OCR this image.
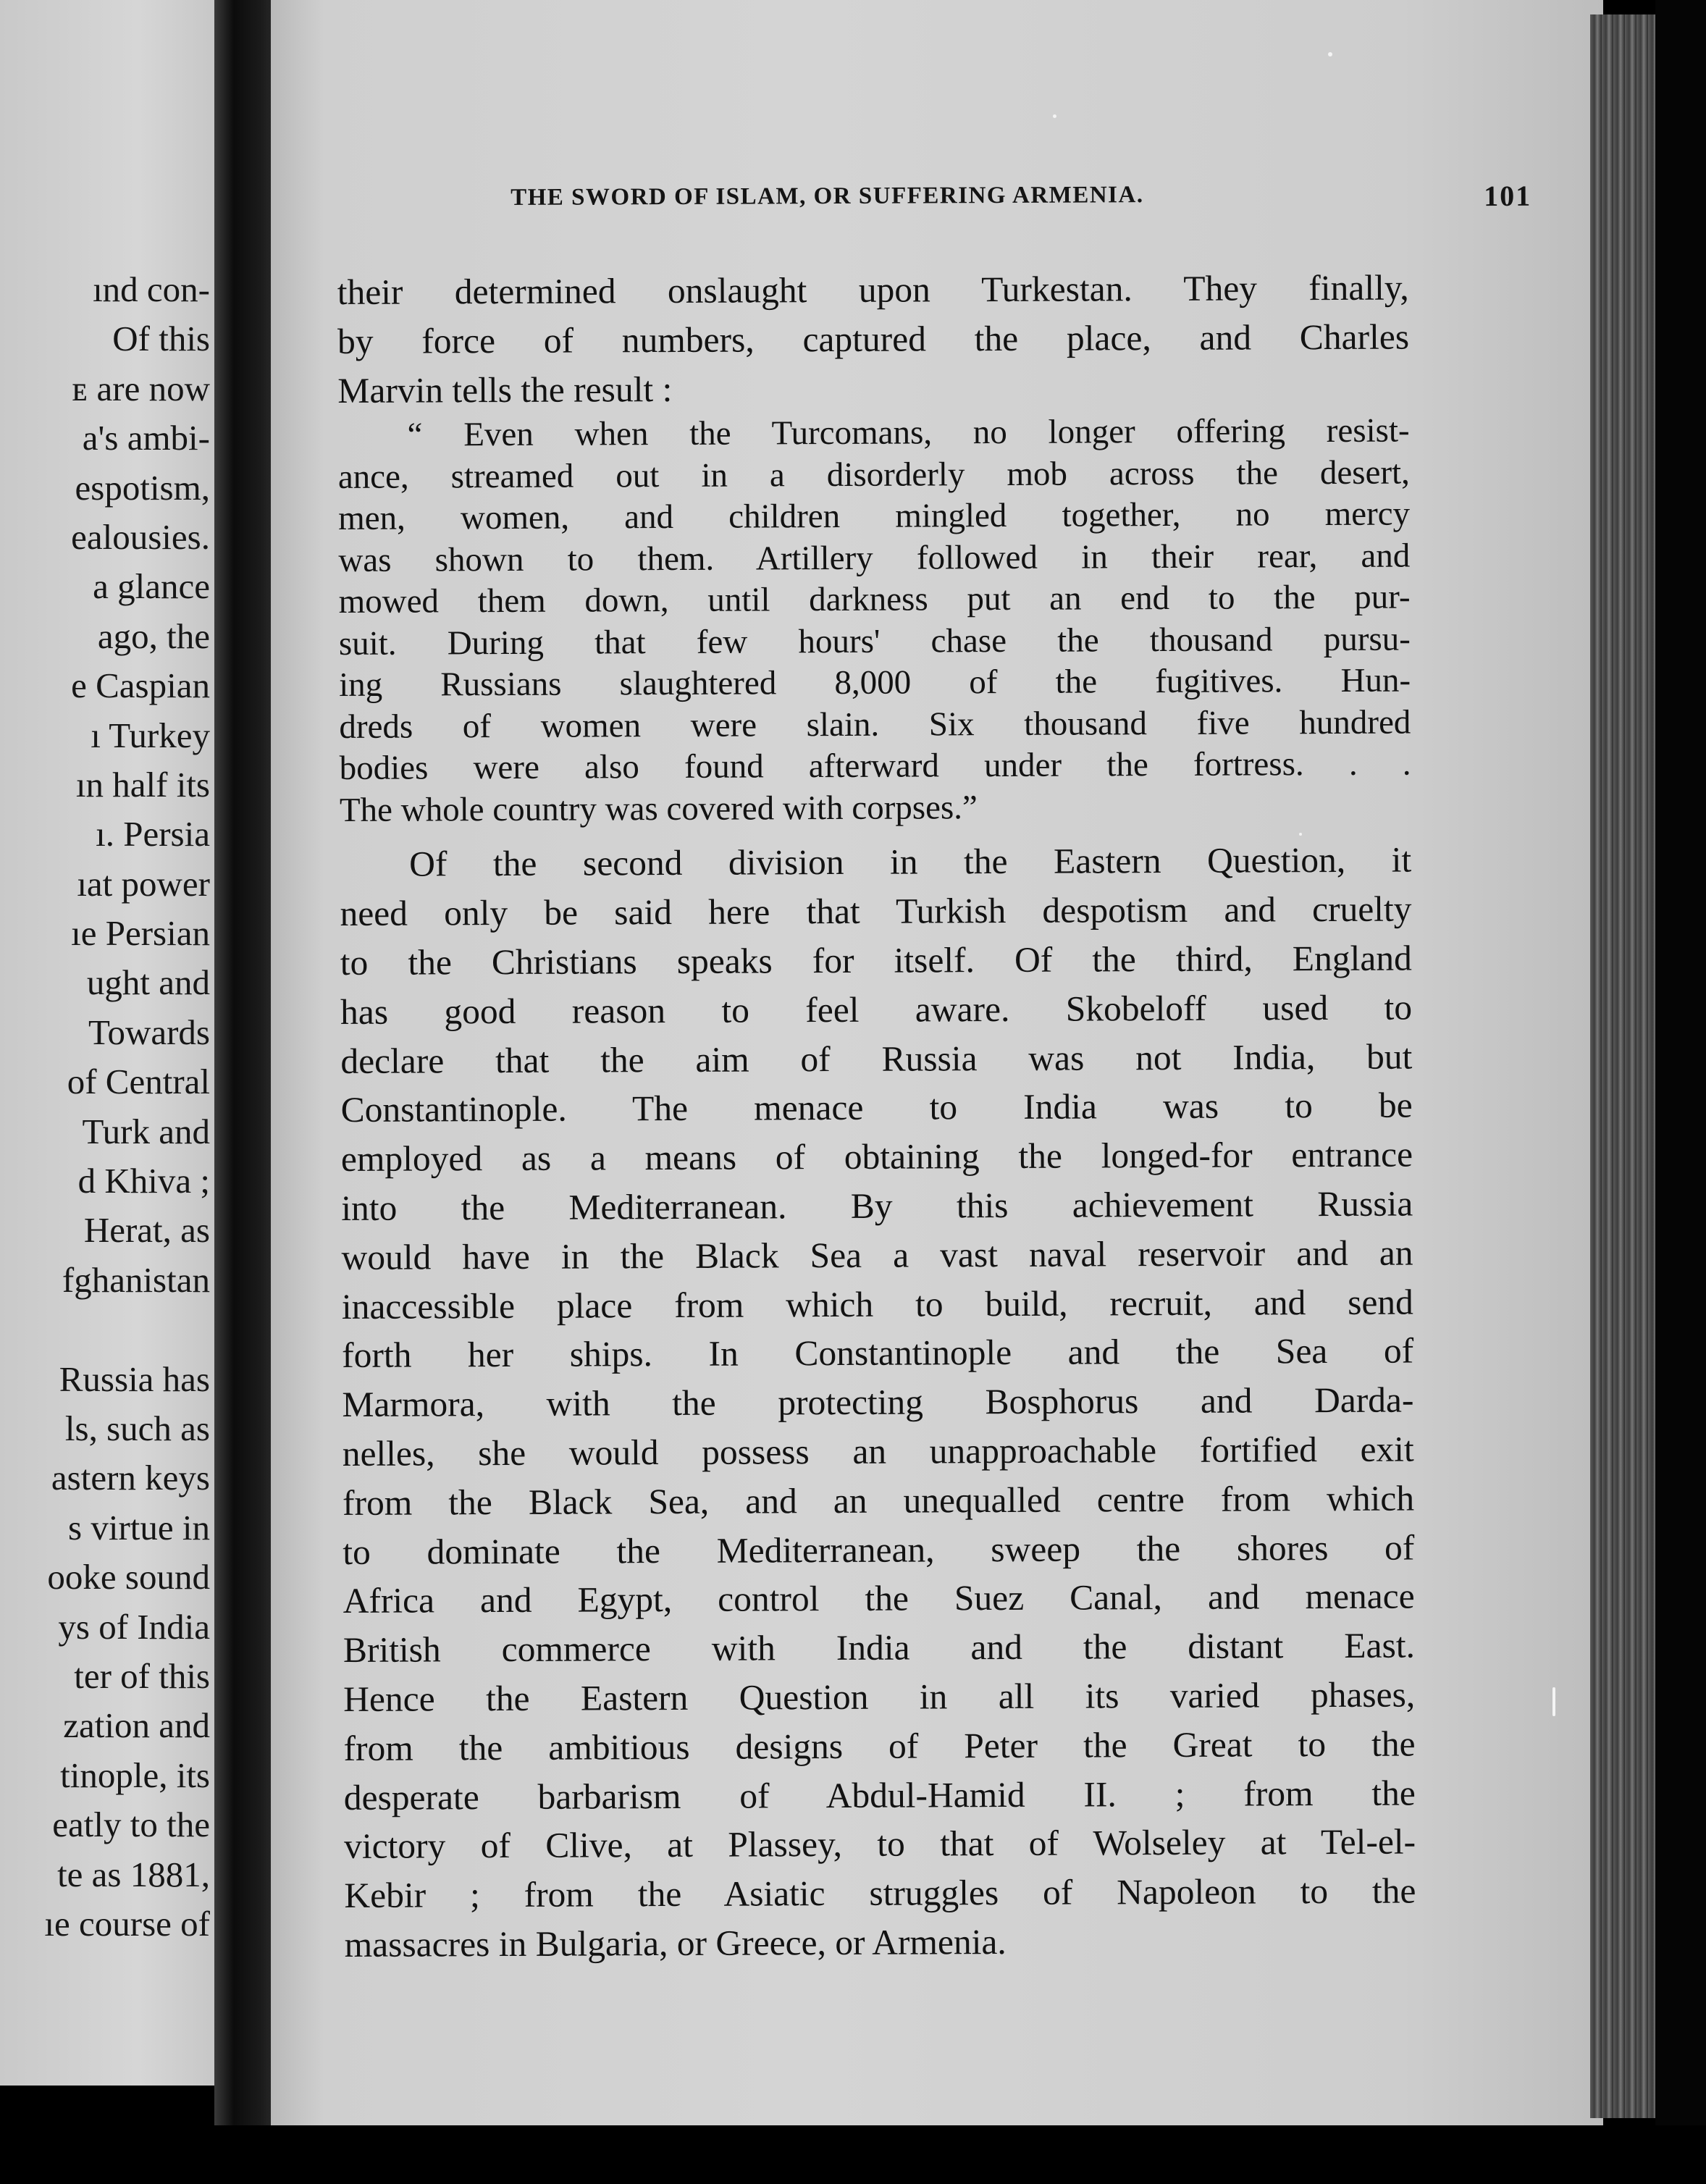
ınd con-
Of this
ᴇ are now
a's ambi-
espotism,
ealousies.
a glance
ago, the
e Caspian
ı Turkey
ın half its
ı. Persia
ıat power
ıe Persian
ught and
Towards
of Central
Turk and
d Khiva ;
Herat, as
fghanistan
Russia has
ls, such as
astern keys
s virtue in
ooke sound
ys of India
ter of this
zation and
tinople, its
eatly to the
te as 1881,
ıe course of
THE SWORD OF ISLAM, OR SUFFERING ARMENIA.	101
their determined onslaught upon Turkestan. They finally,
by force of numbers, captured the place, and Charles
Marvin tells the result :
“ Even when the Turcomans, no longer offering resist-
ance, streamed out in a disorderly mob across the desert,
men, women, and children mingled together, no mercy
was shown to them. Artillery followed in their rear, and
mowed them down, until darkness put an end to the pur-
suit. During that few hours' chase the thousand pursu-
ing Russians slaughtered 8,000 of the fugitives. Hun-
dreds of women were slain. Six thousand five hundred
bodies were also found afterward under the fortress. . .
The whole country was covered with corpses.”
Of the second division in the Eastern Question, it
need only be said here that Turkish despotism and cruelty
to the Christians speaks for itself. Of the third, England
has good reason to feel aware. Skobeloff used to
declare that the aim of Russia was not India, but
Constantinople. The menace to India was to be
employed as a means of obtaining the longed-for entrance
into the Mediterranean. By this achievement Russia
would have in the Black Sea a vast naval reservoir and an
inaccessible place from which to build, recruit, and send
forth her ships. In Constantinople and the Sea of
Marmora, with the protecting Bosphorus and Darda-
nelles, she would possess an unapproachable fortified exit
from the Black Sea, and an unequalled centre from which
to dominate the Mediterranean, sweep the shores of
Africa and Egypt, control the Suez Canal, and menace
British commerce with India and the distant East.
Hence the Eastern Question in all its varied phases,
from the ambitious designs of Peter the Great to the
desperate barbarism of Abdul-Hamid II. ; from the
victory of Clive, at Plassey, to that of Wolseley at Tel-el-
Kebir ; from the Asiatic struggles of Napoleon to the
massacres in Bulgaria, or Greece, or Armenia.
